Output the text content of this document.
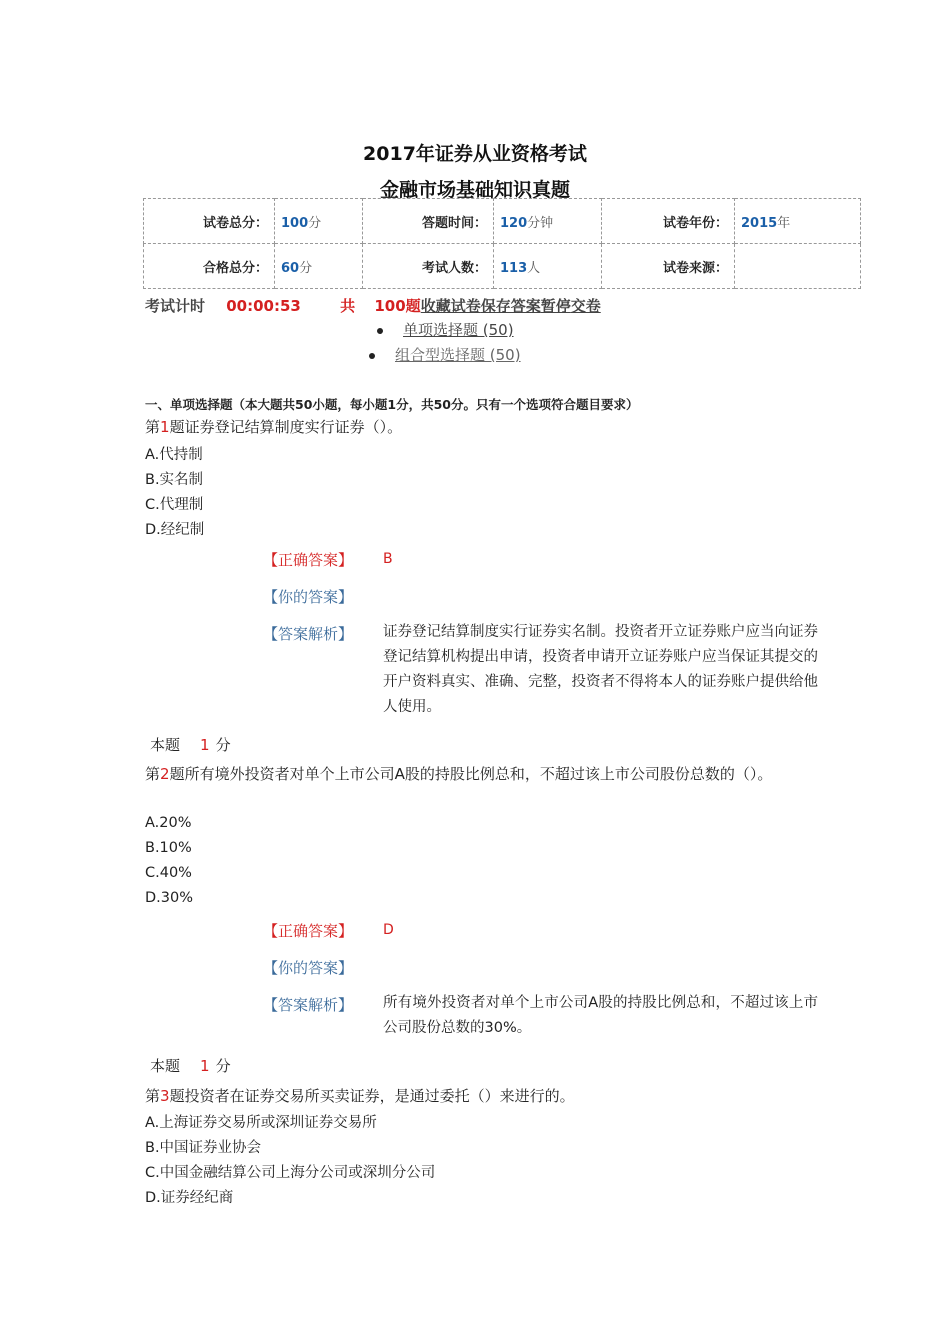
2017年证券从业资格考试
金融市场基础知识真题
试卷总分：	100分	答题时间：	120分钟	试卷年份：	2015年
合格总分：	60分	考试人数：	113人	试卷来源：	
考试计时 00:00:53	共 100题收藏试卷保存答案暂停交卷
单项选择题 (50)
组合型选择题 (50)
一、单项选择题（本大题共50小题，每小题1分，共50分。只有一个选项符合题目要求）
第1题证券登记结算制度实行证券（）。
A.代持制
B.实名制
C.代理制
D.经纪制
【正确答案】 B
【你的答案】
【答案解析】 证券登记结算制度实行证券实名制。投资者开立证券账户应当向证券登记结算机构提出申请，投资者申请开立证券账户应当保证其提交的开户资料真实、准确、完整，投资者不得将本人的证券账户提供给他人使用。
本题 1 分
第2题所有境外投资者对单个上市公司A股的持股比例总和，不超过该上市公司股份总数的（）。
A.20%
B.10%
C.40%
D.30%
【正确答案】 D
【你的答案】
【答案解析】 所有境外投资者对单个上市公司A股的持股比例总和，不超过该上市公司股份总数的30%。
本题 1 分
第3题投资者在证券交易所买卖证券，是通过委托（）来进行的。
A.上海证券交易所或深圳证券交易所
B.中国证券业协会
C.中国金融结算公司上海分公司或深圳分公司
D.证券经纪商
